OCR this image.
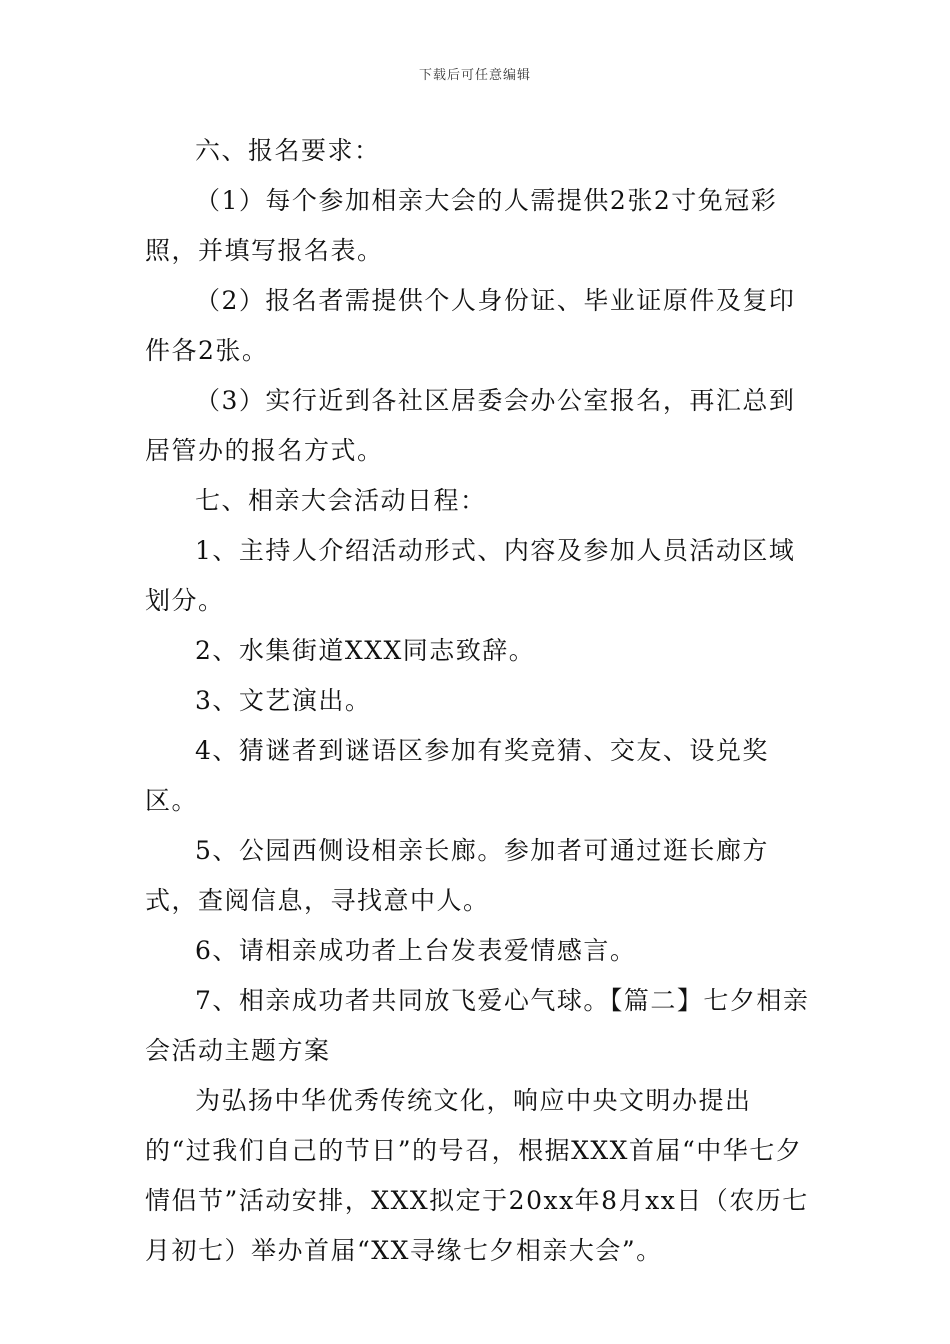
下载后可任意编辑

六、报名要求：

（1）每个参加相亲大会的人需提供2张2寸免冠彩照，并填写报名表。

（2）报名者需提供个人身份证、毕业证原件及复印件各2张。

（3）实行近到各社区居委会办公室报名，再汇总到居管办的报名方式。

七、相亲大会活动日程：

1、主持人介绍活动形式、内容及参加人员活动区域划分。

2、水集街道XXX同志致辞。

3、文艺演出。

4、猜谜者到谜语区参加有奖竞猜、交友、设兑奖区。

5、公园西侧设相亲长廊。参加者可通过逛长廊方式，查阅信息，寻找意中人。

6、请相亲成功者上台发表爱情感言。

7、相亲成功者共同放飞爱心气球。【篇二】七夕相亲会活动主题方案

为弘扬中华优秀传统文化，响应中央文明办提出的“过我们自己的节日”的号召，根据XXX首届“中华七夕情侣节”活动安排，XXX拟定于20xx年8月xx日（农历七月初七）举办首届“XX寻缘七夕相亲大会”。
